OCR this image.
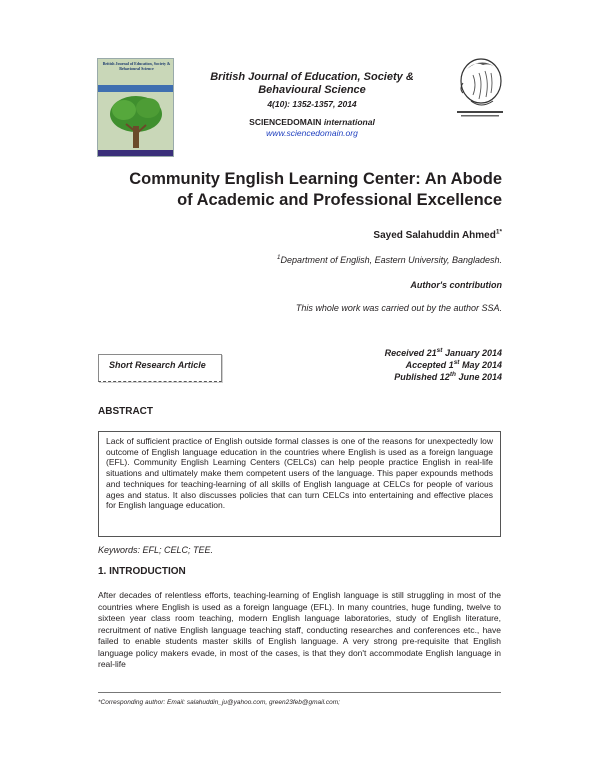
British Journal of Education, Society & Behavioural Science
British Journal of Education, Society &
Behavioural Science
4(10): 1352-1357, 2014
SCIENCEDOMAIN international
www.sciencedomain.org
Community English Learning Center: An Abode
of Academic and Professional Excellence
Sayed Salahuddin Ahmed$^{1*}$
$^1$Department of English, Eastern University, Bangladesh.
Author's contribution
This whole work was carried out by the author SSA.
Short Research Article
Received 21st January 2014
Accepted 1st May 2014
Published 12th June 2014
ABSTRACT
Lack of sufficient practice of English outside formal classes is one of the reasons for unexpectedly low outcome of English language education in the countries where English is used as a foreign language (EFL). Community English Learning Centers (CELCs) can help people practice English in real-life situations and ultimately make them competent users of the language. This paper expounds methods and techniques for teaching-learning of all skills of English language at CELCs for people of various ages and status. It also discusses policies that can turn CELCs into entertaining and effective places for English language education.
Keywords: EFL; CELC; TEE.
1. INTRODUCTION
After decades of relentless efforts, teaching-learning of English language is still struggling in most of the countries where English is used as a foreign language (EFL). In many countries, huge funding, twelve to sixteen year class room teaching, modern English language laboratories, study of English literature, recruitment of native English language teaching staff, conducting researches and conferences etc., have failed to enable students master skills of English language. A very strong pre-requisite that English language policy makers evade, in most of the cases, is that they don't accommodate English language in real-life
*Corresponding author: Email: salahuddin_ju@yahoo.com, green23feb@gmail.com;
